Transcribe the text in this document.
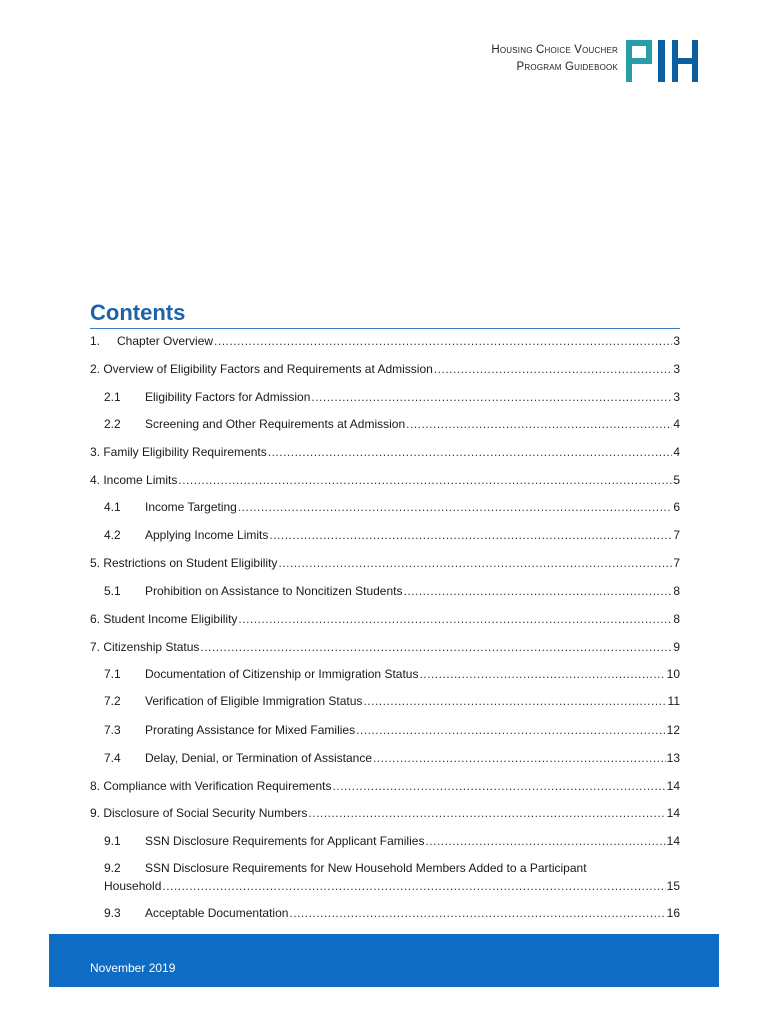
Housing Choice Voucher
Program Guidebook
Contents
1.	Chapter Overview .....	3
2. Overview of Eligibility Factors and Requirements at Admission .....	3
2.1	Eligibility Factors for Admission .....	3
2.2	Screening and Other Requirements at Admission .....	4
3. Family Eligibility Requirements .....	4
4. Income Limits .....	5
4.1	Income Targeting .....	6
4.2	Applying Income Limits .....	7
5. Restrictions on Student Eligibility .....	7
5.1	Prohibition on Assistance to Noncitizen Students .....	8
6. Student Income Eligibility .....	8
7. Citizenship Status .....	9
7.1	Documentation of Citizenship or Immigration Status .....	10
7.2	Verification of Eligible Immigration Status .....	11
7.3	Prorating Assistance for Mixed Families .....	12
7.4	Delay, Denial, or Termination of Assistance .....	13
8. Compliance with Verification Requirements .....	14
9. Disclosure of Social Security Numbers .....	14
9.1	SSN Disclosure Requirements for Applicant Families .....	14
9.2	SSN Disclosure Requirements for New Household Members Added to a Participant
Household .....	15
9.3	Acceptable Documentation .....	16
November 2019
